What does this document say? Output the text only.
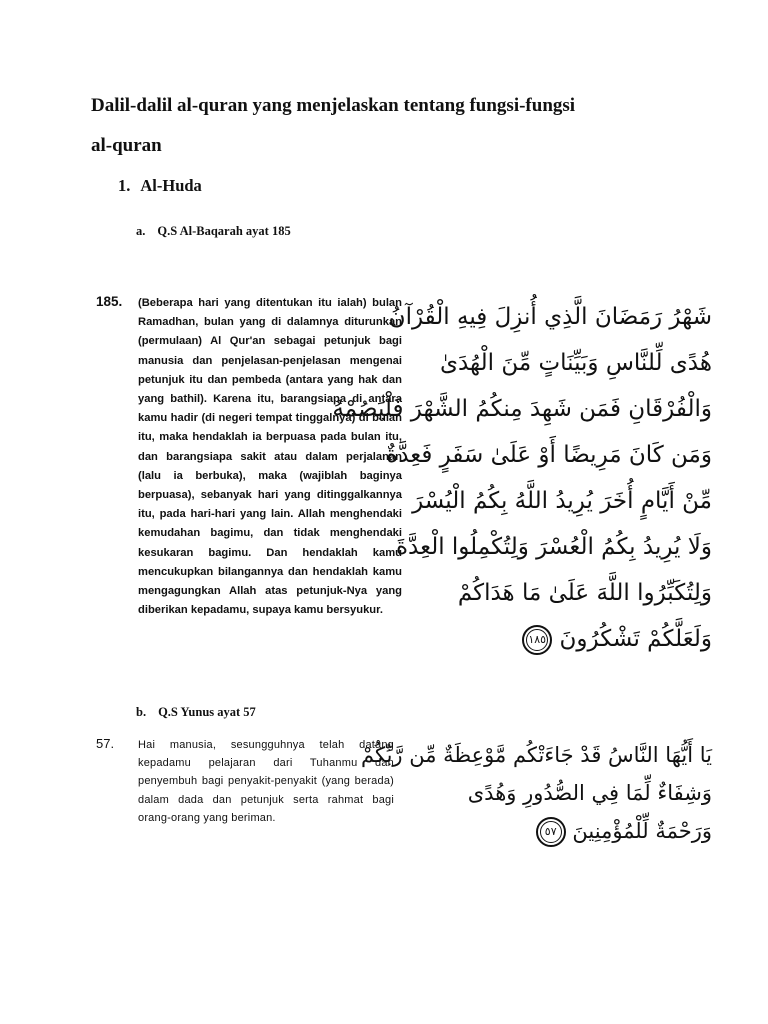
Dalil-dalil al-quran yang menjelaskan tentang fungsi-fungsi
al-quran
1. Al-Huda
a. Q.S Al-Baqarah ayat 185
185. (Beberapa hari yang ditentukan itu ialah) bulan Ramadhan, bulan yang di dalamnya diturunkan (permulaan) Al Qur'an sebagai petunjuk bagi manusia dan penjelasan-penjelasan mengenai petunjuk itu dan pembeda (antara yang hak dan yang bathil). Karena itu, barangsiapa di antara kamu hadir (di negeri tempat tinggalnya) di bulan itu, maka hendaklah ia berpuasa pada bulan itu, dan barangsiapa sakit atau dalam perjalanan (lalu ia berbuka), maka (wajiblah baginya berpuasa), sebanyak hari yang ditinggalkannya itu, pada hari-hari yang lain. Allah menghendaki kemudahan bagimu, dan tidak menghendaki kesukaran bagimu. Dan hendaklah kamu mencukupkan bilangannya dan hendaklah kamu mengagungkan Allah atas petunjuk-Nya yang diberikan kepadamu, supaya kamu bersyukur.

شَهْرُ رَمَضَانَ الَّذِي أُنزِلَ فِيهِ الْقُرْآنُ
هُدًى لِّلنَّاسِ وَبَيِّنَاتٍ مِّنَ الْهُدَىٰ
وَالْفُرْقَانِ فَمَن شَهِدَ مِنكُمُ الشَّهْرَ فَلْيَصُمْهُ
وَمَن كَانَ مَرِيضًا أَوْ عَلَىٰ سَفَرٍ فَعِدَّةٌ
مِّنْ أَيَّامٍ أُخَرَ يُرِيدُ اللَّهُ بِكُمُ الْيُسْرَ
وَلَا يُرِيدُ بِكُمُ الْعُسْرَ وَلِتُكْمِلُوا الْعِدَّةَ
وَلِتُكَبِّرُوا اللَّهَ عَلَىٰ مَا هَدَاكُمْ
وَلَعَلَّكُمْ تَشْكُرُونَ ١٨٥
b. Q.S Yunus ayat 57
57. Hai manusia, sesungguhnya telah datang kepadamu pelajaran dari Tuhanmu dan penyembuh bagi penyakit-penyakit (yang berada) dalam dada dan petunjuk serta rahmat bagi orang-orang yang beriman.

يَا أَيُّهَا النَّاسُ قَدْ جَاءَتْكُم مَّوْعِظَةٌ مِّن رَّبِّكُمْ
وَشِفَاءٌ لِّمَا فِي الصُّدُورِ وَهُدًى
وَرَحْمَةٌ لِّلْمُؤْمِنِينَ ٥٧
